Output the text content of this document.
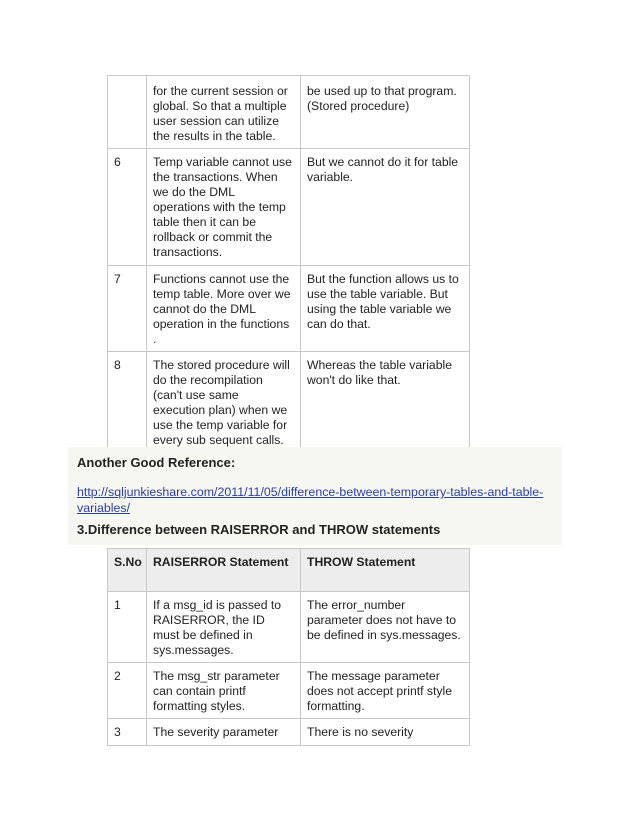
	for the current session or global. So that a multiple user session can utilize the results in the table.	be used up to that program. (Stored procedure)

6	Temp variable cannot use the transactions. When we do the DML operations with the temp table then it can be rollback or commit the transactions.	But we cannot do it for table variable.

7	Functions cannot use the temp table. More over we cannot do the DML operation in the functions .	But the function allows us to use the table variable. But using the table variable we can do that.

8	The stored procedure will do the recompilation (can't use same execution plan) when we use the temp variable for every sub sequent calls.	Whereas the table variable won't do like that.
Another Good Reference:
http://sqljunkieshare.com/2011/11/05/difference-between-temporary-tables-and-table-variables/
3.Difference between RAISERROR and THROW statements
S.No	RAISERROR Statement	THROW Statement

1	If a msg_id is passed to RAISERROR, the ID must be defined in sys.messages.	The error_number parameter does not have to be defined in sys.messages.

2	The msg_str parameter can contain printf formatting styles.	The message parameter does not accept printf style formatting.

3	The severity parameter	There is no severity
